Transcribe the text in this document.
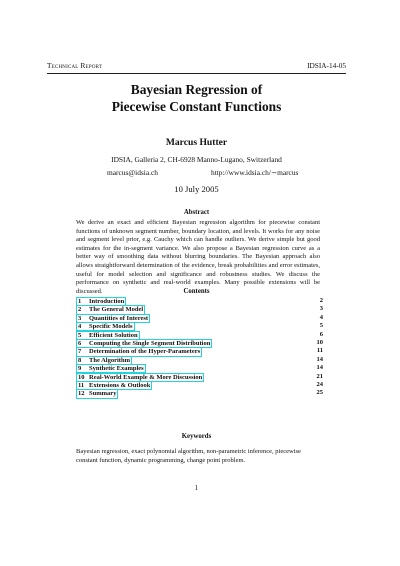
Technical Report	IDSIA-14-05
Bayesian Regression of
Piecewise Constant Functions
Marcus Hutter
IDSIA, Galleria 2, CH-6928 Manno-Lugano, Switzerland
marcus@idsia.ch	http://www.idsia.ch/∼marcus
10 July 2005
Abstract

We derive an exact and efficient Bayesian regression algorithm for piecewise constant functions of unknown segment number, boundary location, and levels. It works for any noise and segment level prior, e.g. Cauchy which can handle outliers. We derive simple but good estimates for the in-segment variance. We also propose a Bayesian regression curve as a better way of smoothing data without blurring boundaries. The Bayesian approach also allows straightforward determination of the evidence, break probabilities and error estimates, useful for model selection and significance and robustness studies. We discuss the performance on synthetic and real-world examples. Many possible extensions will be discussed.	Contents
1 Introduction	2
2 The General Model	3
3 Quantities of Interest	4
4 Specific Models	5
5 Efficient Solution	6
6 Computing the Single Segment Distribution	10
7 Determination of the Hyper-Parameters	11
8 The Algorithm	14
9 Synthetic Examples	14
10 Real-World Example & More Discussion	21
11 Extensions & Outlook	24
12 Summary	25
Keywords

Bayesian regression, exact polynomial algorithm, non-parametric inference, piecewise constant function, dynamic programming, change point problem.

1
